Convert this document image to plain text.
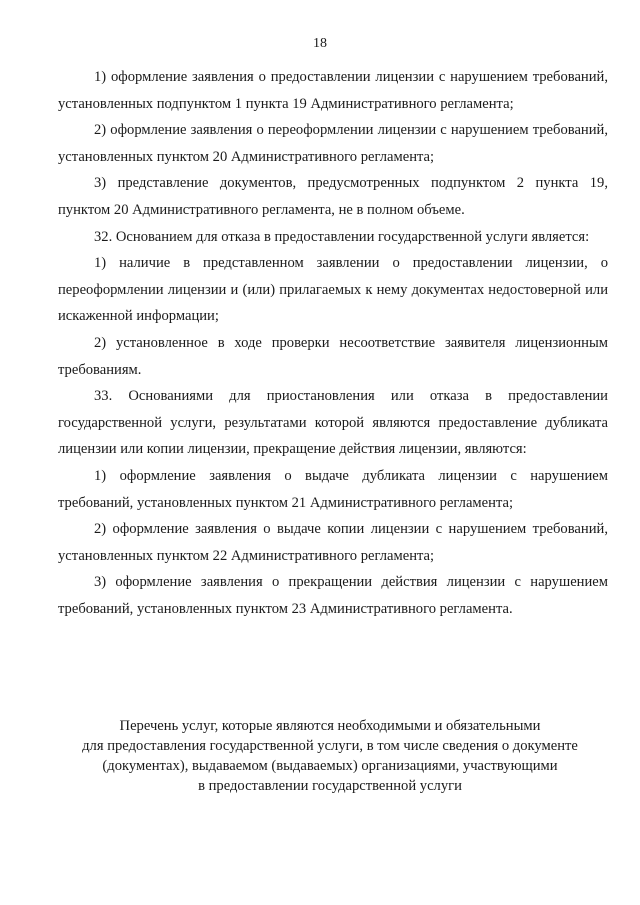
18

1) оформление заявления о предоставлении лицензии с нарушением требований, установленных подпунктом 1 пункта 19 Административного регламента;

2) оформление заявления о переоформлении лицензии с нарушением требований, установленных пунктом 20 Административного регламента;

3) представление документов, предусмотренных подпунктом 2 пункта 19, пунктом 20 Административного регламента, не в полном объеме.

32. Основанием для отказа в предоставлении государственной услуги является:

1) наличие в представленном заявлении о предоставлении лицензии, о переоформлении лицензии и (или) прилагаемых к нему документах недостоверной или искаженной информации;

2) установленное в ходе проверки несоответствие заявителя лицензионным требованиям.

33. Основаниями для приостановления или отказа в предоставлении государственной услуги, результатами которой являются предоставление дубликата лицензии или копии лицензии, прекращение действия лицензии, являются:

1) оформление заявления о выдаче дубликата лицензии с нарушением требований, установленных пунктом 21 Административного регламента;

2) оформление заявления о выдаче копии лицензии с нарушением требований, установленных пунктом 22 Административного регламента;

3) оформление заявления о прекращении действия лицензии с нарушением требований, установленных пунктом 23 Административного регламента.

Перечень услуг, которые являются необходимыми и обязательными
для предоставления государственной услуги, в том числе сведения о документе
(документах), выдаваемом (выдаваемых) организациями, участвующими
в предоставлении государственной услуги
